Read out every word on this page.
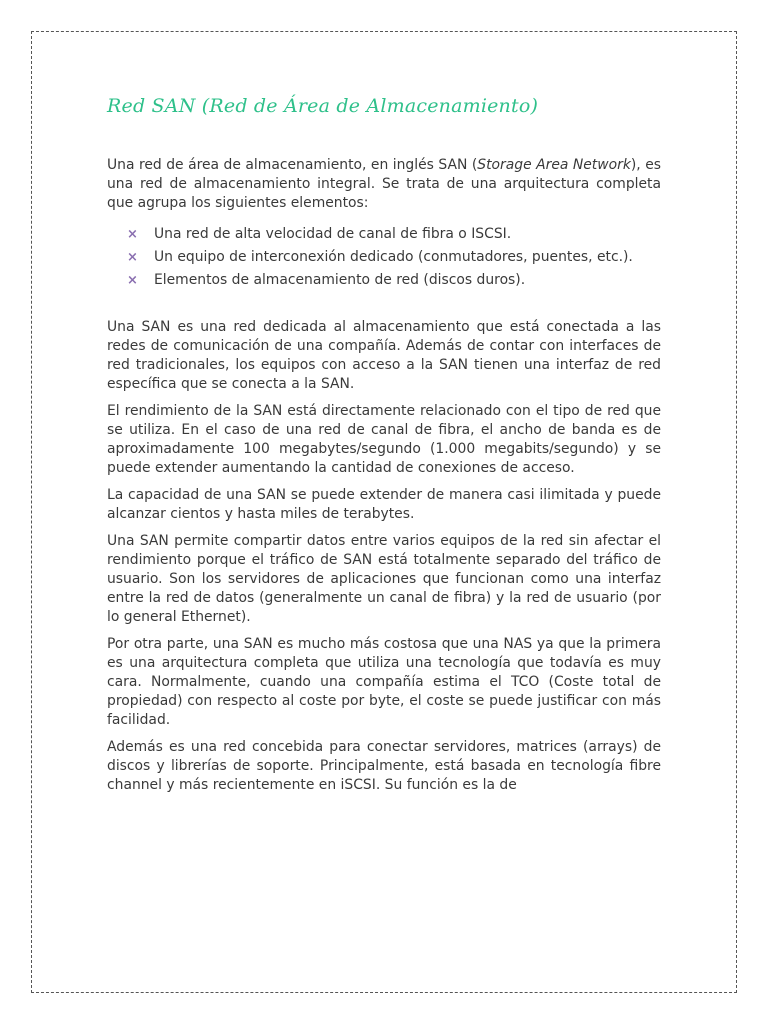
Red SAN (Red de Área de Almacenamiento)

Una red de área de almacenamiento, en inglés SAN (Storage Area Network), es una red de almacenamiento integral. Se trata de una arquitectura completa que agrupa los siguientes elementos:

× Una red de alta velocidad de canal de fibra o ISCSI.
× Un equipo de interconexión dedicado (conmutadores, puentes, etc.).
× Elementos de almacenamiento de red (discos duros).

Una SAN es una red dedicada al almacenamiento que está conectada a las redes de comunicación de una compañía. Además de contar con interfaces de red tradicionales, los equipos con acceso a la SAN tienen una interfaz de red específica que se conecta a la SAN.

El rendimiento de la SAN está directamente relacionado con el tipo de red que se utiliza. En el caso de una red de canal de fibra, el ancho de banda es de aproximadamente 100 megabytes/segundo (1.000 megabits/segundo) y se puede extender aumentando la cantidad de conexiones de acceso.

La capacidad de una SAN se puede extender de manera casi ilimitada y puede alcanzar cientos y hasta miles de terabytes.

Una SAN permite compartir datos entre varios equipos de la red sin afectar el rendimiento porque el tráfico de SAN está totalmente separado del tráfico de usuario. Son los servidores de aplicaciones que funcionan como una interfaz entre la red de datos (generalmente un canal de fibra) y la red de usuario (por lo general Ethernet).

Por otra parte, una SAN es mucho más costosa que una NAS ya que la primera es una arquitectura completa que utiliza una tecnología que todavía es muy cara. Normalmente, cuando una compañía estima el TCO (Coste total de propiedad) con respecto al coste por byte, el coste se puede justificar con más facilidad.

Además es una red concebida para conectar servidores, matrices (arrays) de discos y librerías de soporte. Principalmente, está basada en tecnología fibre channel y más recientemente en iSCSI. Su función es la de
